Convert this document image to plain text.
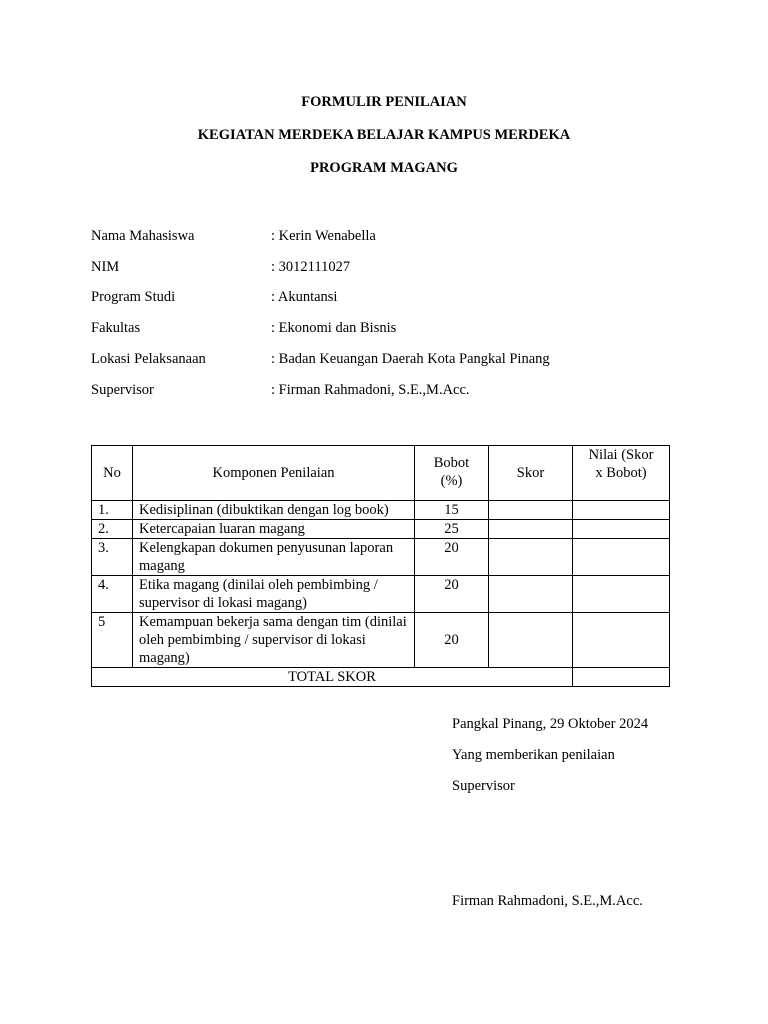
FORMULIR PENILAIAN
KEGIATAN MERDEKA BELAJAR KAMPUS MERDEKA
PROGRAM MAGANG
Nama Mahasiswa	: Kerin Wenabella
NIM	: 3012111027
Program Studi	: Akuntansi
Fakultas	: Ekonomi dan Bisnis
Lokasi Pelaksanaan	: Badan Keuangan Daerah Kota Pangkal Pinang
Supervisor	: Firman Rahmadoni, S.E.,M.Acc.
No	Komponen Penilaian	Bobot (%)	Skor	Nilai (Skor x Bobot)
1.	Kedisiplinan (dibuktikan dengan log book)	15		
2.	Ketercapaian luaran magang	25		
3.	Kelengkapan dokumen penyusunan laporan magang	20		
4.	Etika magang (dinilai oleh pembimbing / supervisor di lokasi magang)	20		
5	Kemampuan bekerja sama dengan tim (dinilai oleh pembimbing / supervisor di lokasi magang)	20		
TOTAL SKOR				
Pangkal Pinang, 29 Oktober 2024
Yang memberikan penilaian
Supervisor
Firman Rahmadoni, S.E.,M.Acc.
